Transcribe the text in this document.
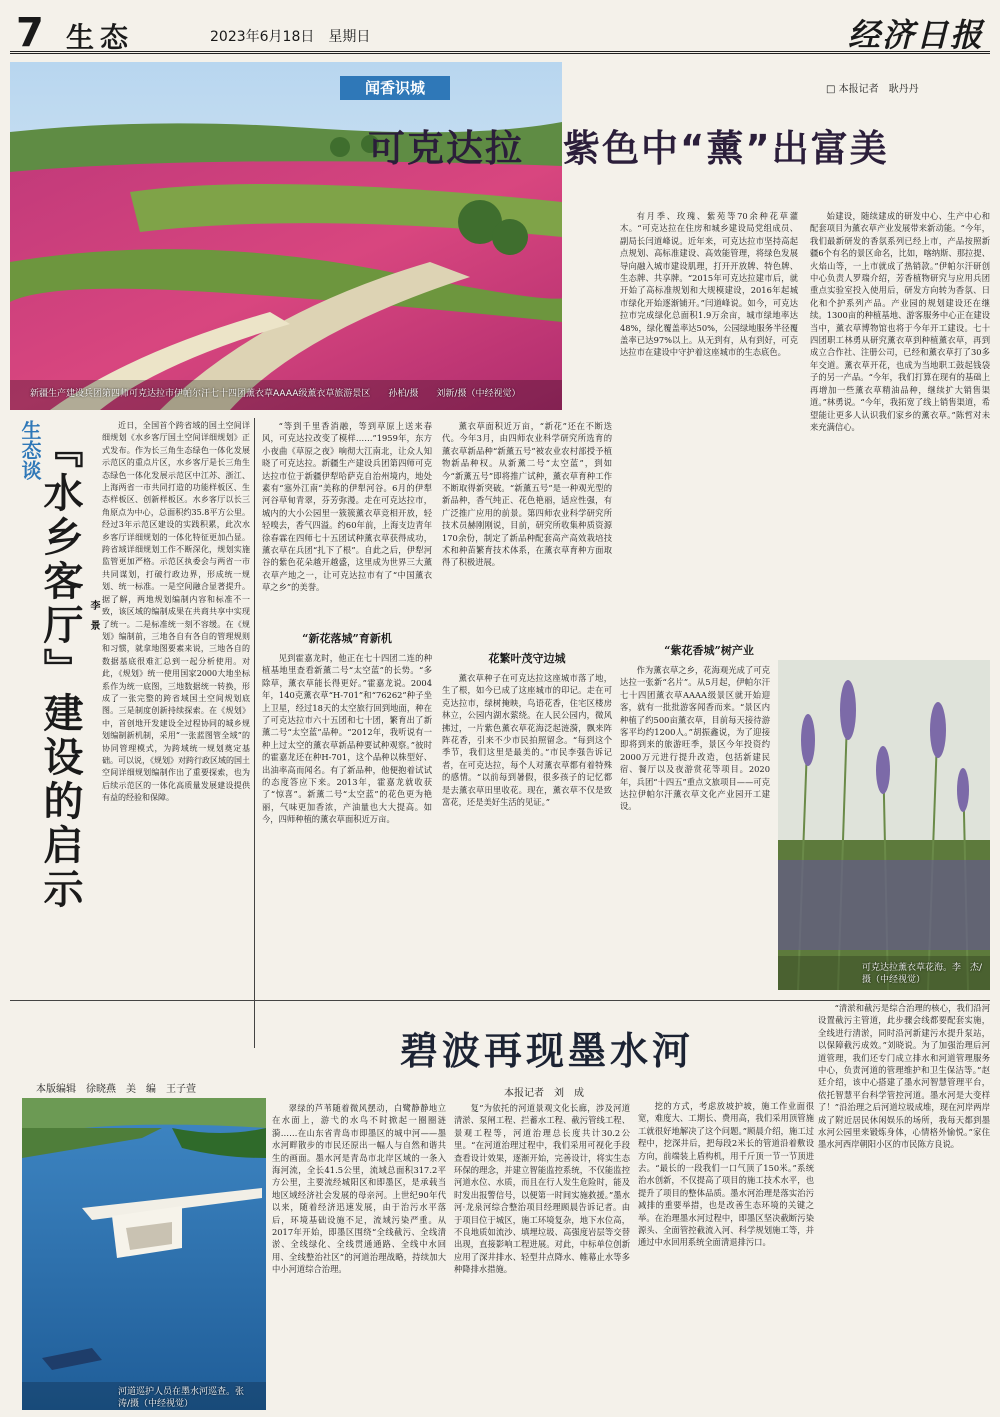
7 生态	2023年6月18日　星期日	经济日报
新疆生产建设兵团第四师可克达拉市伊帕尔汗七十四团薰衣草AAAA级薰衣草旅游景区　　孙柏/摄　　刘新/摄（中经视觉）
闻香识城	□ 本报记者　耿丹丹
可克达拉　紫色中“薰”出富美

“等到千里香消融，等到草原上送来春风，可克达拉改变了模样……”1959年，东方小夜曲《草原之夜》响彻大江南北，让众人知晓了可克达拉。新疆生产建设兵团第四师可克达拉市位于新疆伊犁哈萨克自治州境内，地处素有“塞外江南”美称的伊犁河谷。6月的伊犁河谷草甸青翠，芬芳弥漫。走在可克达拉市，城内的大小公园里一簇簇薰衣草竞相开放，轻轻嗅去，香气四溢。约60年前，上海支边青年徐春霖在四师七十五团试种薰衣草获得成功，薰衣草在兵团“扎下了根”。自此之后，伊犁河谷的紫色花朵越开越盛，这里成为世界三大薰衣草产地之一，让可克达拉市有了“中国薰衣草之乡”的美誉。

“新花落城”育新机

见到霍嘉龙时，他正在七十四团二连的种植基地里查看新薰二号“太空蓝”的长势。“多除草，薰衣草能长得更好。”霍嘉龙说。2004年，140克薰衣草“H-701”和“76262”种子坐上卫星，经过18天的太空旅行回到地面，种在了可克达拉市六十五团和七十团，繁育出了新薰二号“太空蓝”品种。“2012年，我听说有一种上过太空的薰衣草新品种要试种观察。”彼时的霍嘉龙还在种H-701，这个品种以株型好、出油率高而闻名。有了新品种，他便抱着试试的态度答应下来。2013年，霍嘉龙就收获了“惊喜”。新薰二号“太空蓝”的花色更为艳丽，气味更加香浓，产油量也大大提高。如今，四师种植的薰衣草面积近万亩。

薰衣草面积近万亩，“新花”还在不断迭代。今年3月，由四师农业科学研究所选育的薰衣草新品种“新薰五号”被农业农村部授予植物新品种权。从新薰二号“太空蓝”，到如今“新薰五号”即将推广试种，薰衣草育种工作不断取得新突破。“新薰五号”是一种观光型的新品种，香气纯正、花色艳丽，适应性强，有广泛推广应用的前景。第四师农业科学研究所技术员赫刚刚说，目前，研究所收集种质资源170余份，制定了新品种配套高产高效栽培技术和种苗繁育技术体系，在薰衣草育种方面取得了积极进展。

花繁叶茂守边城

薰衣草种子在可克达拉这座城市落了地，生了根，如今已成了这座城市的印记。走在可克达拉市，绿树掩映，鸟语花香，住宅区楼房林立，公园内湖水萦绕。在人民公园内，微风拂过，一片紫色薰衣草花海泛起涟漪，飘来阵阵花香，引来不少市民拍照留念。“每到这个季节，我们这里是最美的。”市民李强告诉记者，在可克达拉，每个人对薰衣草都有着特殊的感情。“以前每到暑假，很多孩子的记忆都是去薰衣草田里收花。现在，薰衣草不仅是致富花，还是美好生活的见证。”

有月季、玫瑰、紫苑等70余种花草灌木。“可克达拉在住房和城乡建设局党组成员、副局长闫道峰说。近年来，可克达拉市坚持高起点规划、高标准建设、高效能管理，将绿色发展导向融入城市建设肌理，打开开放牌、特色牌、生态牌、共享牌。“2015年可克达拉建市后，就开始了高标准规划和大规模建设，2016年起城市绿化开始逐渐铺开。”闫道峰说。如今，可克达拉市完成绿化总面积1.9万余亩，城市绿地率达48%，绿化覆盖率达50%，公园绿地服务半径覆盖率已达97%以上。从无到有，从有到好，可克达拉市在建设中守护着这座城市的生态底色。

“紫花香城”树产业

作为薰衣草之乡，花海观光成了可克达拉一张新“名片”。从5月起，伊帕尔汗七十四团薰衣草AAAA级景区就开始迎客，就有一批批游客闻香而来。“景区内种植了约500亩薰衣草，目前每天接待游客平均约1200人。”胡振鑫说，为了迎接即将到来的旅游旺季，景区今年投资约2000万元进行提升改造，包括新建民宿、餐厅以及夜游赏花等项目。2020年，兵团“十四五”重点文旅项目——可克达拉伊帕尔汗薰衣草文化产业园开工建设。

始建设，随续建成的研发中心、生产中心和配套项目为薰衣草产业发展带来新动能。“今年，我们最新研发的香氛系列已经上市，产品按照新疆6个有名的景区命名，比如，喀纳斯、那拉提、火焰山等，一上市就成了热销款。”伊帕尔汗研创中心负责人罗瑞介绍，芳香植物研究与应用兵团重点实验室投入使用后，研发方向转为香氛、日化和个护系列产品。产业园的规划建设还在继续。1300亩的种植基地、游客服务中心正在建设当中，薰衣草博物馆也将于今年开工建设。七十四团职工林勇从研究薰衣草到种植薰衣草，再到成立合作社、注册公司，已经和薰衣草打了30多年交道。薰衣草开花，也成为当地职工鼓起钱袋子的另一产品。“今年，我们打算在现有的基础上再增加一些薰衣草精油品种，继续扩大销售渠道。”林勇说。“今年，我拓宽了线上销售渠道，希望能让更多人认识我们家乡的薰衣草。”陈哲对未来充满信心。

可克达拉薰衣草花海。李　杰/摄（中经视觉）
生态谈
『水乡客厅』建设的启示 李　景

近日，全国首个跨省域的国土空间详细规划《水乡客厅国土空间详细规划》正式发布。作为长三角生态绿色一体化发展示范区的重点片区，水乡客厅是长三角生态绿色一体化发展示范区中江苏、浙江、上海两省一市共同打造的功能样板区、生态样板区、创新样板区。水乡客厅以长三角原点为中心，总面积约35.8平方公里。经过3年示范区建设的实践积累，此次水乡客厅详细规划的一体化特征更加凸显。跨省域详细规划工作不断深化，规划实施监管更加严格。示范区执委会与两省一市共同谋划，打破行政边界，形成统一规划、统一标准。一是空间融合显著提升。据了解，两地规划编制内容和标准不一致，该区域的编制成果在共商共享中实现了统一。二是标准统一刻不容缓。在《规划》编制前，三地各自有各自的管理规则和习惯，就拿地图要素来说，三地各自的数据基底很难汇总到一起分析使用。对此，《规划》统一使用国家2000大地坐标系作为统一底图，三地数据统一转换，形成了一张完整的跨省域国土空间规划底图。三是制度创新持续探索。在《规划》中，首创地开发建设全过程协同的城乡规划编制新机制，采用“一张蓝图管全域”的协同管理模式，为跨域统一规划奠定基础。可以说，《规划》对跨行政区域的国土空间详细规划编制作出了重要探索，也为后续示范区的一体化高质量发展建设提供有益的经验和保障。

碧波再现墨水河
本报记者　刘　成
本版编辑　徐晓燕　美　编　王子萱
河道巡护人员在墨水河巡查。张　涛/摄（中经视觉）

翠绿的芦苇随着微风摆动，白鹭静静地立在水面上，游弋的水鸟不时掀起一圈圈涟漪……在山东省青岛市即墨区的城中河——墨水河畔散步的市民还原出一幅人与自然和谐共生的画面。墨水河是青岛市北岸区域的一条入海河流，全长41.5公里，流域总面积317.2平方公里，主要流经城阳区和即墨区，是承载当地区域经济社会发展的母亲河。上世纪90年代以来，随着经济迅速发展，由于治污水平落后，环境基础设施不足，流域污染严重。从2017年开始，即墨区围绕“全线截污、全线清淤、全线绿化、全线贯通通路、全线中水回用、全线整治社区”的河道治理战略，持续加大中小河道综合治理。

复”为依托的河道景观文化长廊，涉及河道清淤、泵闸工程、拦蓄水工程、截污管线工程、景观工程等，河道治理总长度共计30.2公里。“在河道治理过程中，我们采用可视化手段查看设计效果，逐渐开始，完善设计，将实生态环保的理念，并建立智能监控系统，不仅能监控河道水位、水质，而且在行人发生危险时，能及时发出报警信号，以便第一时间实施救援。”墨水河·龙泉河综合整治项目经理顾晨告诉记者。由于项目位于城区，施工环境复杂，地下水位高，不良地质如流沙、填埋垃圾、高强度岩层等交替出现，直接影响工程进展。对此，中标单位创新应用了深井排水、轻型井点降水、帷幕止水等多种降排水措施。

挖的方式，考虑放坡护坡，施工作业面很宽，难度大、工期长、费用高，我们采用顶管施工就很好地解决了这个问题。”顾晨介绍，施工过程中，挖深井后，把每段2米长的管道沿着敷设方向，前端装上盾构机，用千斤顶一节一节顶进去。“最长的一段我们一口气顶了150米。”系统治水创新，不仅提高了项目的施工技术水平，也提升了项目的整体品质。墨水河治理是落实治污减排的重要举措，也是改善生态环境的关键之举。在治理墨水河过程中，即墨区坚决截断污染源头、全面管控截流入河、科学规划施工等，并通过中水回用系统全面清退排污口。

“清淤和截污是综合治理的核心，我们沿河设置截污主管道，此步骤会线都要配套实施，全线进行清淤，同时沿河新建污水提升泵站，以保障截污成效。”刘晓说。为了加强治理后河道管理，我们还专门成立排水和河道管理服务中心，负责河道的管理维护和卫生保洁等。”赵廷介绍，该中心搭建了墨水河智慧管理平台，依托智慧平台科学管控河道。墨水河是大变样了！”沿治理之后河道垃圾成堆，现在河岸两岸成了附近居民休闲娱乐的场所，我每天都到墨水河公园里来锻炼身体，心情格外愉悦。”家住墨水河西岸朝阳小区的市民陈方良说。
